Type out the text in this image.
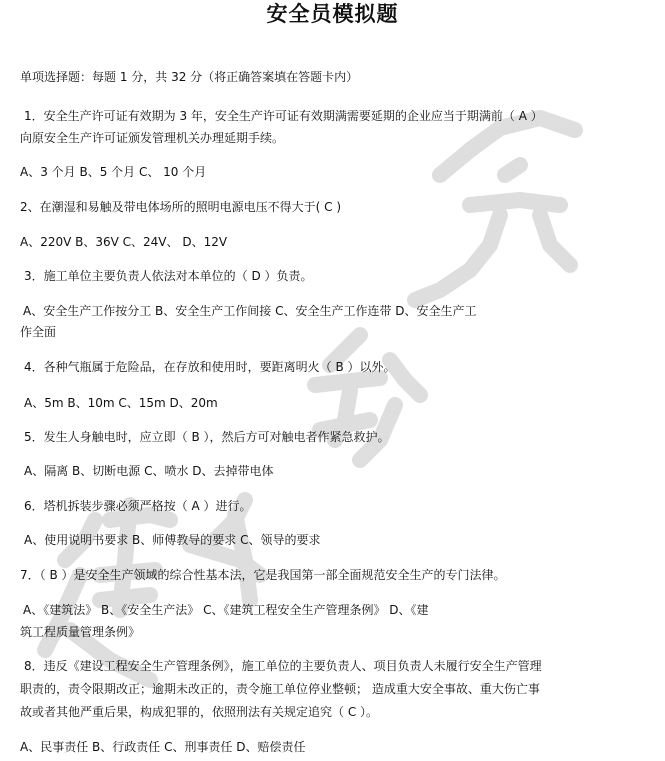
安全员模拟题
单项选择题：每题 1 分，共 32 分（将正确答案填在答题卡内）
1．安全生产许可证有效期为 3 年，安全生产许可证有效期满需要延期的企业应当于期满前（ A ）
向原安全生产许可证颁发管理机关办理延期手续。
A、3 个月 B、5 个月 C、 10 个月
2、在潮湿和易触及带电体场所的照明电源电压不得大于( C )
A、220V B、36V C、24V、 D、12V
3．施工单位主要负责人依法对本单位的（ D ）负责。
A、安全生产工作按分工 B、安全生产工作间接 C、安全生产工作连带 D、安全生产工
作全面
4．各种气瓶属于危险品，在存放和使用时，要距离明火（ B ）以外。
A、5m B、10m C、15m D、20m
5．发生人身触电时，应立即（ B ），然后方可对触电者作紧急救护。
A、隔离 B、切断电源 C、喷水 D、去掉带电体
6．塔机拆装步骤必须严格按（ A ）进行。
A、使用说明书要求 B、师傅教导的要求 C、领导的要求
7．（ B ）是安全生产领域的综合性基本法，它是我国第一部全面规范安全生产的专门法律。
A、《建筑法》 B、《安全生产法》 C、《建筑工程安全生产管理条例》 D、《建
筑工程质量管理条例》
8．违反《建设工程安全生产管理条例》，施工单位的主要负责人、项目负责人未履行安全生产管理
职责的，责令限期改正；逾期未改正的，责令施工单位停业整顿； 造成重大安全事故、重大伤亡事
故或者其他严重后果，构成犯罪的，依照刑法有关规定追究（ C ）。
A、民事责任 B、行政责任 C、刑事责任 D、赔偿责任
